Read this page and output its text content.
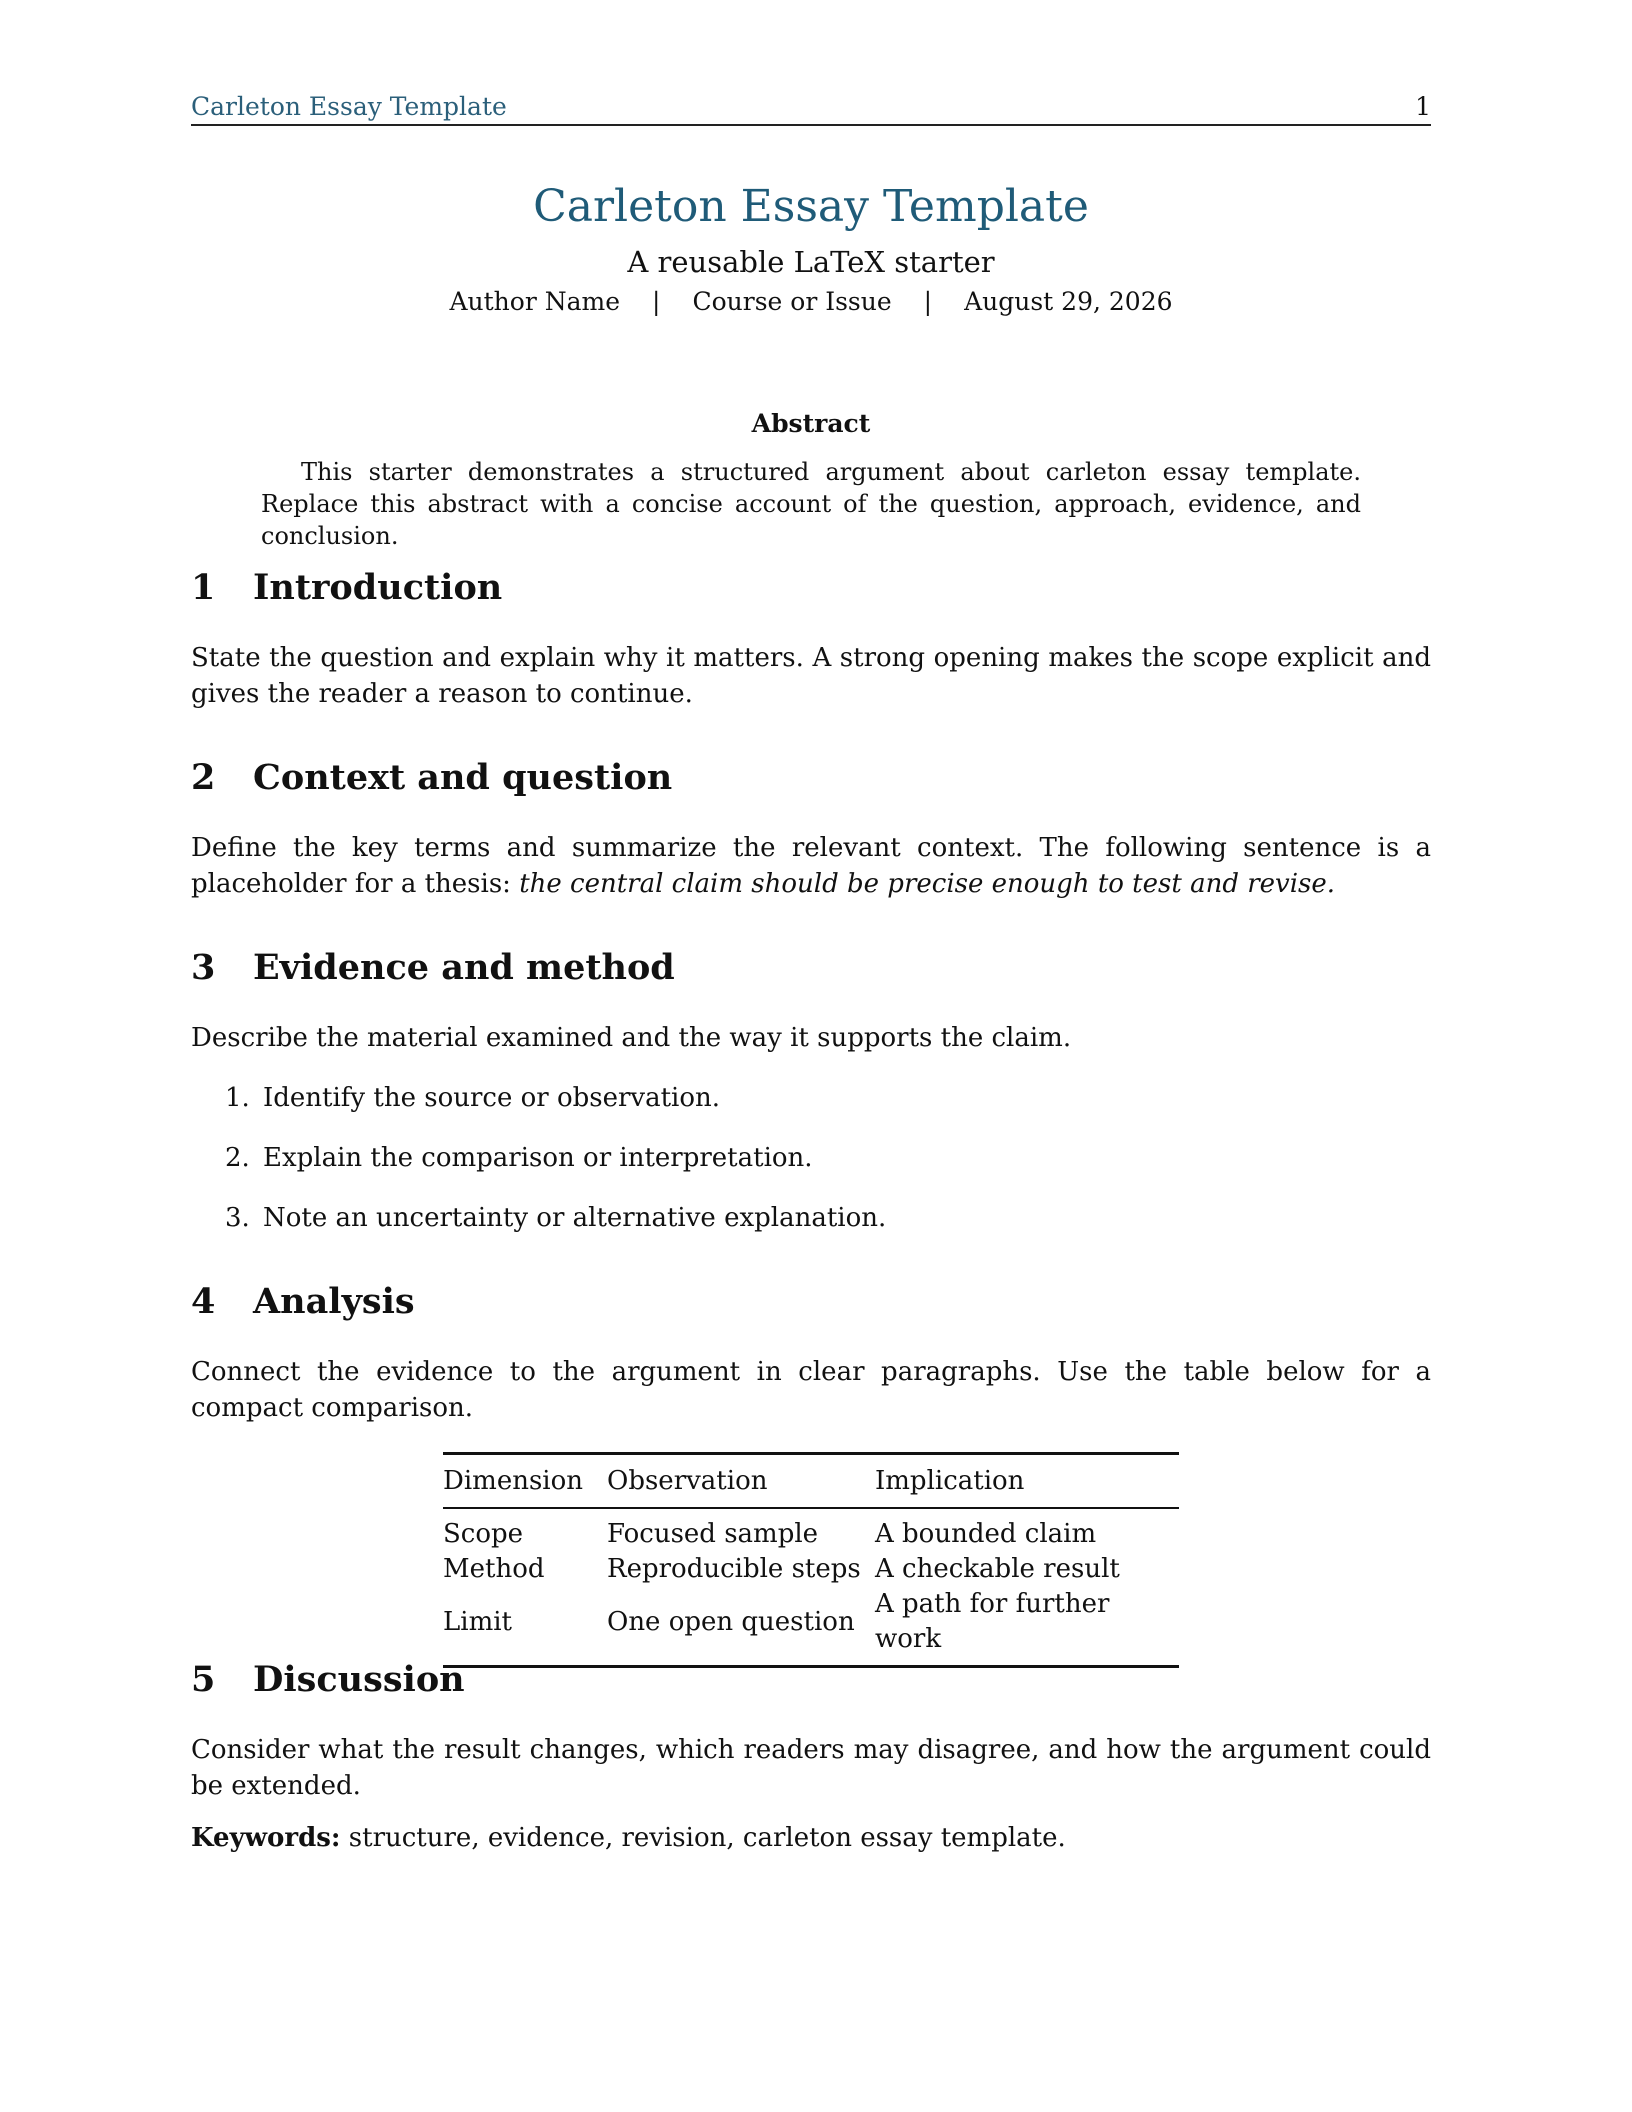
Carleton Essay Template	1
Carleton Essay Template
A reusable LaTeX starter
Author Name | Course or Issue | August 29, 2026
Abstract

This starter demonstrates a structured argument about carleton essay template. Replace this abstract with a concise account of the question, approach, evidence, and conclusion.

1 Introduction

State the question and explain why it matters. A strong opening makes the scope explicit and gives the reader a reason to continue.

2 Context and question

Define the key terms and summarize the relevant context. The following sentence is a placeholder for a thesis: the central claim should be precise enough to test and revise.

3 Evidence and method

Describe the material examined and the way it supports the claim.

1. Identify the source or observation.
2. Explain the comparison or interpretation.
3. Note an uncertainty or alternative explanation.
4 Analysis

Connect the evidence to the argument in clear paragraphs. Use the table below for a compact comparison.

Dimension	Observation	Implication
Scope	Focused sample	A bounded claim
Method	Reproducible steps	A checkable result
Limit	One open question	A path for further work
5 Discussion

Consider what the result changes, which readers may disagree, and how the argument could be extended.

Keywords: structure, evidence, revision, carleton essay template.
